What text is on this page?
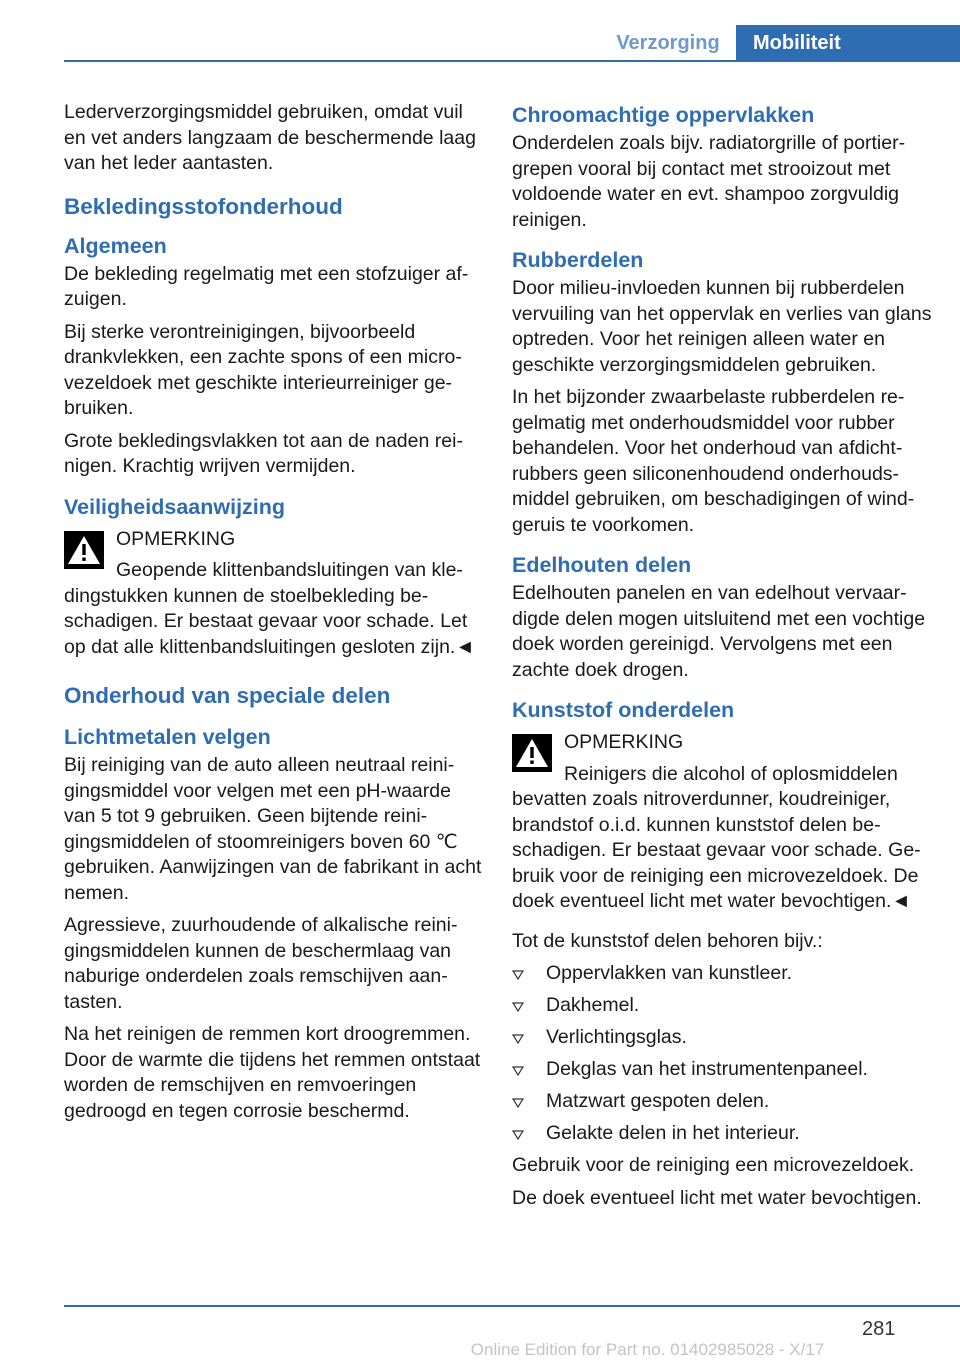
Verzorging	Mobiliteit

Lederverzorgingsmiddel gebruiken, omdat vuil en vet anders langzaam de beschermende laag van het leder aantasten.

Bekledingsstofonderhoud
Algemeen

De bekleding regelmatig met een stofzuiger afzuigen.

Bij sterke verontreinigingen, bijvoorbeeld drankvlekken, een zachte spons of een microvezeldoek met geschikte interieurreiniger gebruiken.

Grote bekledingsvlakken tot aan de naden reinigen. Krachtig wrijven vermijden.

Veiligheidsaanwijzing
OPMERKING

Geopende klittenbandsluitingen van kledingstukken kunnen de stoelbekleding beschadigen. Er bestaat gevaar voor schade. Let op dat alle klittenbandsluitingen gesloten zijn.◄

Onderhoud van speciale delen
Lichtmetalen velgen

Bij reiniging van de auto alleen neutraal reinigingsmiddel voor velgen met een pH-waarde van 5 tot 9 gebruiken. Geen bijtende reinigingsmiddelen of stoomreinigers boven 60 ℃ gebruiken. Aanwijzingen van de fabrikant in acht nemen.

Agressieve, zuurhoudende of alkalische reinigingsmiddelen kunnen de beschermlaag van naburige onderdelen zoals remschijven aantasten.

Na het reinigen de remmen kort droogremmen. Door de warmte die tijdens het remmen ontstaat worden de remschijven en remvoeringen gedroogd en tegen corrosie beschermd.

Chroomachtige oppervlakken

Onderdelen zoals bijv. radiatorgrille of portiergrepen vooral bij contact met strooizout met voldoende water en evt. shampoo zorgvuldig reinigen.

Rubberdelen

Door milieu-invloeden kunnen bij rubberdelen vervuiling van het oppervlak en verlies van glans optreden. Voor het reinigen alleen water en geschikte verzorgingsmiddelen gebruiken.

In het bijzonder zwaarbelaste rubberdelen regelmatig met onderhoudsmiddel voor rubber behandelen. Voor het onderhoud van afdichtrubbers geen siliconenhoudend onderhoudsmiddel gebruiken, om beschadigingen of windgeruis te voorkomen.

Edelhouten delen

Edelhouten panelen en van edelhout vervaardigde delen mogen uitsluitend met een vochtige doek worden gereinigd. Vervolgens met een zachte doek drogen.

Kunststof onderdelen
OPMERKING

Reinigers die alcohol of oplosmiddelen bevatten zoals nitroverdunner, koudreiniger, brandstof o.i.d. kunnen kunststof delen beschadigen. Er bestaat gevaar voor schade. Gebruik voor de reiniging een microvezeldoek. De doek eventueel licht met water bevochtigen.◄

Tot de kunststof delen behoren bijv.:

Oppervlakken van kunstleer.
Dakhemel.
Verlichtingsglas.
Dekglas van het instrumentenpaneel.
Matzwart gespoten delen.
Gelakte delen in het interieur.

Gebruik voor de reiniging een microvezeldoek.

De doek eventueel licht met water bevochtigen.

281
Online Edition for Part no. 01402985028 - X/17
